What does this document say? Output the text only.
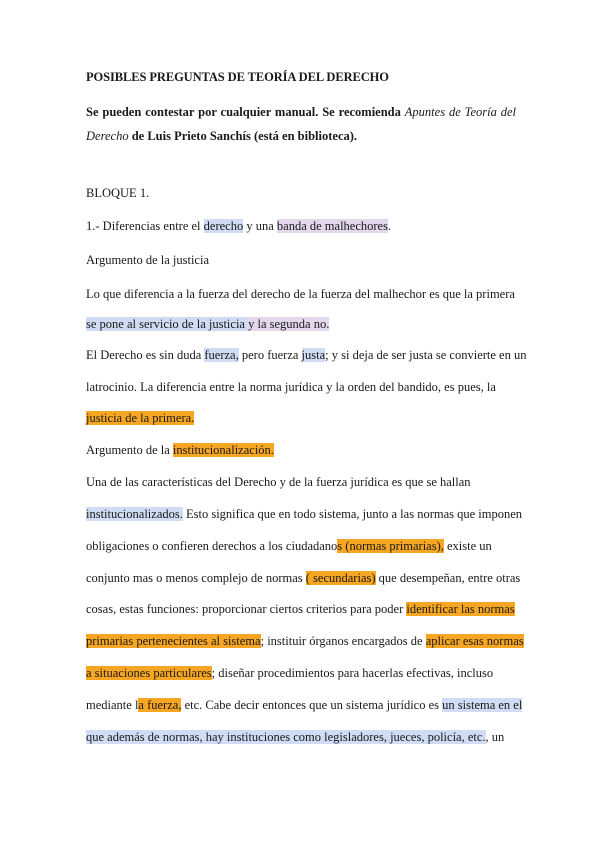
POSIBLES PREGUNTAS DE TEORÍA DEL DERECHO
Se pueden contestar por cualquier manual. Se recomienda Apuntes de Teoría del Derecho de Luis Prieto Sanchís (está en biblioteca).
BLOQUE 1.
1.- Diferencias entre el derecho y una banda de malhechores.
Argumento de la justicia
Lo que diferencia a la fuerza del derecho de la fuerza del malhechor es que la primera
se pone al servicio de la justicia y la segunda no.
El Derecho es sin duda fuerza, pero fuerza justa; y si deja de ser justa se convierte en un
latrocinio. La diferencia entre la norma jurídica y la orden del bandido, es pues, la
justicia de la primera.
Argumento de la institucionalización.
Una de las características del Derecho y de la fuerza jurídica es que se hallan
institucionalizados. Esto significa que en todo sistema, junto a las normas que imponen
obligaciones o confieren derechos a los ciudadanos (normas primarias), existe un
conjunto mas o menos complejo de normas ( secundarias) que desempeñan, entre otras
cosas, estas funciones: proporcionar ciertos criterios para poder identificar las normas
primarias pertenecientes al sistema; instituir órganos encargados de aplicar esas normas
a situaciones particulares; diseñar procedimientos para hacerlas efectivas, incluso
mediante la fuerza, etc. Cabe decir entonces que un sistema jurídico es un sistema en el
que además de normas, hay instituciones como legisladores, jueces, policía, etc., un
